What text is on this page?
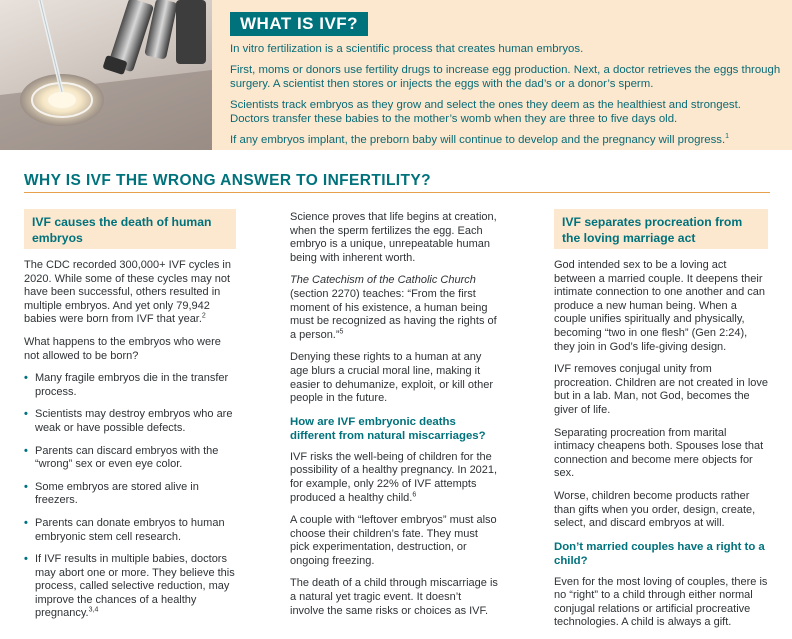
WHAT IS IVF?

In vitro fertilization is a scientific process that creates human embryos.

First, moms or donors use fertility drugs to increase egg production. Next, a doctor retrieves the eggs through surgery. A scientist then stores or injects the eggs with the dad’s or a donor’s sperm.

Scientists track embryos as they grow and select the ones they deem as the healthiest and strongest. Doctors transfer these babies to the mother’s womb when they are three to five days old.

If any embryos implant, the preborn baby will continue to develop and the pregnancy will progress.$^1$

WHY IS IVF THE WRONG ANSWER TO INFERTILITY?
IVF causes the death of human embryos

The CDC recorded 300,000+ IVF cycles in 2020. While some of these cycles may not have been successful, others resulted in multiple embryos. And yet only 79,942 babies were born from IVF that year.$^2$

What happens to the embryos who were not allowed to be born?

• Many fragile embryos die in the transfer process.
• Scientists may destroy embryos who are weak or have possible defects.
• Parents can discard embryos with the “wrong” sex or even eye color.
• Some embryos are stored alive in freezers.
• Parents can donate embryos to human embryonic stem cell research.
• If IVF results in multiple babies, doctors may abort one or more. They believe this process, called selective reduction, may improve the chances of a healthy pregnancy.$^{3,4}$

Science proves that life begins at creation, when the sperm fertilizes the egg. Each embryo is a unique, unrepeatable human being with inherent worth.

The Catechism of the Catholic Church (section 2270) teaches: “From the first moment of his existence, a human being must be recognized as having the rights of a person.”$^5$

Denying these rights to a human at any age blurs a crucial moral line, making it easier to dehumanize, exploit, or kill other people in the future.

How are IVF embryonic deaths different from natural miscarriages?

IVF risks the well-being of children for the possibility of a healthy pregnancy. In 2021, for example, only 22% of IVF attempts produced a healthy child.$^6$

A couple with “leftover embryos” must also choose their children’s fate. They must pick experimentation, destruction, or ongoing freezing.

The death of a child through miscarriage is a natural yet tragic event. It doesn’t involve the same risks or choices as IVF.

IVF separates procreation from the loving marriage act

God intended sex to be a loving act between a married couple. It deepens their intimate connection to one another and can produce a new human being. When a couple unifies spiritually and physically, becoming “two in one flesh” (Gen 2:24), they join in God’s life-giving design.

IVF removes conjugal unity from procreation. Children are not created in love but in a lab. Man, not God, becomes the giver of life.

Separating procreation from marital intimacy cheapens both. Spouses lose that connection and become mere objects for sex.

Worse, children become products rather than gifts when you order, design, create, select, and discard embryos at will.

Don’t married couples have a right to a child?

Even for the most loving of couples, there is no “right” to a child through either normal conjugal relations or artificial procreative technologies. A child is always a gift.
